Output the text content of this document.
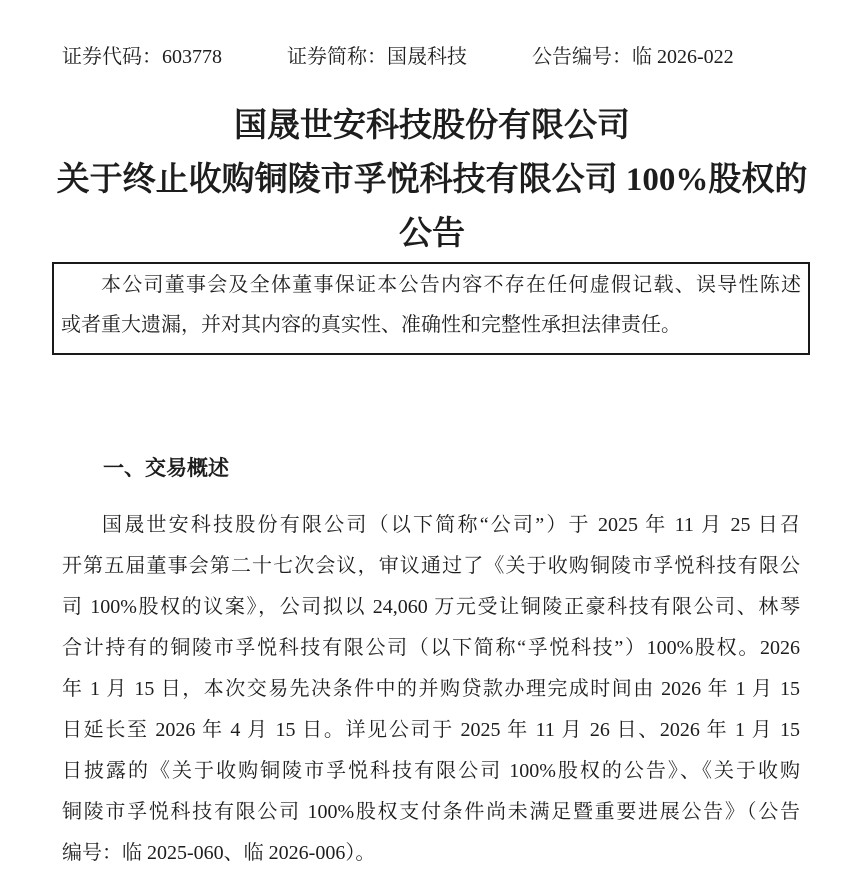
证券代码：603778	证券简称：国晟科技	公告编号：临 2026-022
国晟世安科技股份有限公司
关于终止收购铜陵市孚悦科技有限公司 100%股权的
公告
本公司董事会及全体董事保证本公告内容不存在任何虚假记载、误导性陈述
或者重大遗漏，并对其内容的真实性、准确性和完整性承担法律责任。
一、交易概述
国晟世安科技股份有限公司（以下简称“公司”）于 2025 年 11 月 25 日召
开第五届董事会第二十七次会议，审议通过了《关于收购铜陵市孚悦科技有限公
司 100%股权的议案》，公司拟以 24,060 万元受让铜陵正豪科技有限公司、林琴
合计持有的铜陵市孚悦科技有限公司（以下简称“孚悦科技”）100%股权。2026
年 1 月 15 日，本次交易先决条件中的并购贷款办理完成时间由 2026 年 1 月 15
日延长至 2026 年 4 月 15 日。详见公司于 2025 年 11 月 26 日、2026 年 1 月 15
日披露的《关于收购铜陵市孚悦科技有限公司 100%股权的公告》、《关于收购
铜陵市孚悦科技有限公司 100%股权支付条件尚未满足暨重要进展公告》（公告
编号：临 2025-060、临 2026-006）。
